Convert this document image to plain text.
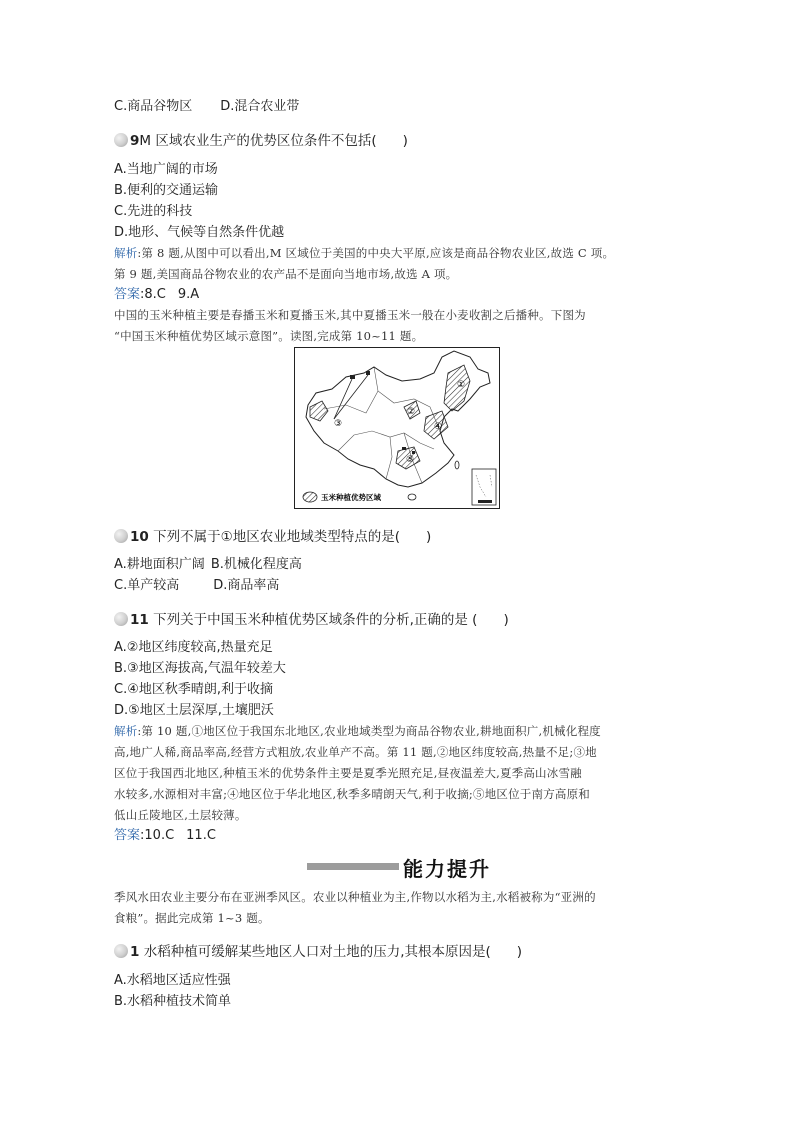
C.商品谷物区 D.混合农业带
9M 区域农业生产的优势区位条件不包括( )
A.当地广阔的市场
B.便利的交通运输
C.先进的科技
D.地形、气候等自然条件优越
解析:第 8 题,从图中可以看出,M 区域位于美国的中央大平原,应该是商品谷物农业区,故选 C 项。
第 9 题,美国商品谷物农业的农产品不是面向当地市场,故选 A 项。
答案:8.C 9.A
中国的玉米种植主要是春播玉米和夏播玉米,其中夏播玉米一般在小麦收割之后播种。下图为
“中国玉米种植优势区域示意图”。读图,完成第 10~11 题。
①
②
③	④
⑤
玉米种植优势区域
10 下列不属于①地区农业地域类型特点的是( )
A.耕地面积广阔 B.机械化程度高
C.单产较高	D.商品率高
11 下列关于中国玉米种植优势区域条件的分析,正确的是 ( )
A.②地区纬度较高,热量充足
B.③地区海拔高,气温年较差大
C.④地区秋季晴朗,利于收摘
D.⑤地区土层深厚,土壤肥沃
解析:第 10 题,①地区位于我国东北地区,农业地域类型为商品谷物农业,耕地面积广,机械化程度
高,地广人稀,商品率高,经营方式粗放,农业单产不高。第 11 题,②地区纬度较高,热量不足;③地
区位于我国西北地区,种植玉米的优势条件主要是夏季光照充足,昼夜温差大,夏季高山冰雪融
水较多,水源相对丰富;④地区位于华北地区,秋季多晴朗天气,利于收摘;⑤地区位于南方高原和
低山丘陵地区,土层较薄。
答案:10.C 11.C
能力提升
季风水田农业主要分布在亚洲季风区。农业以种植业为主,作物以水稻为主,水稻被称为“亚洲的
食粮”。据此完成第 1~3 题。
1 水稻种植可缓解某些地区人口对土地的压力,其根本原因是( )
A.水稻地区适应性强
B.水稻种植技术简单
